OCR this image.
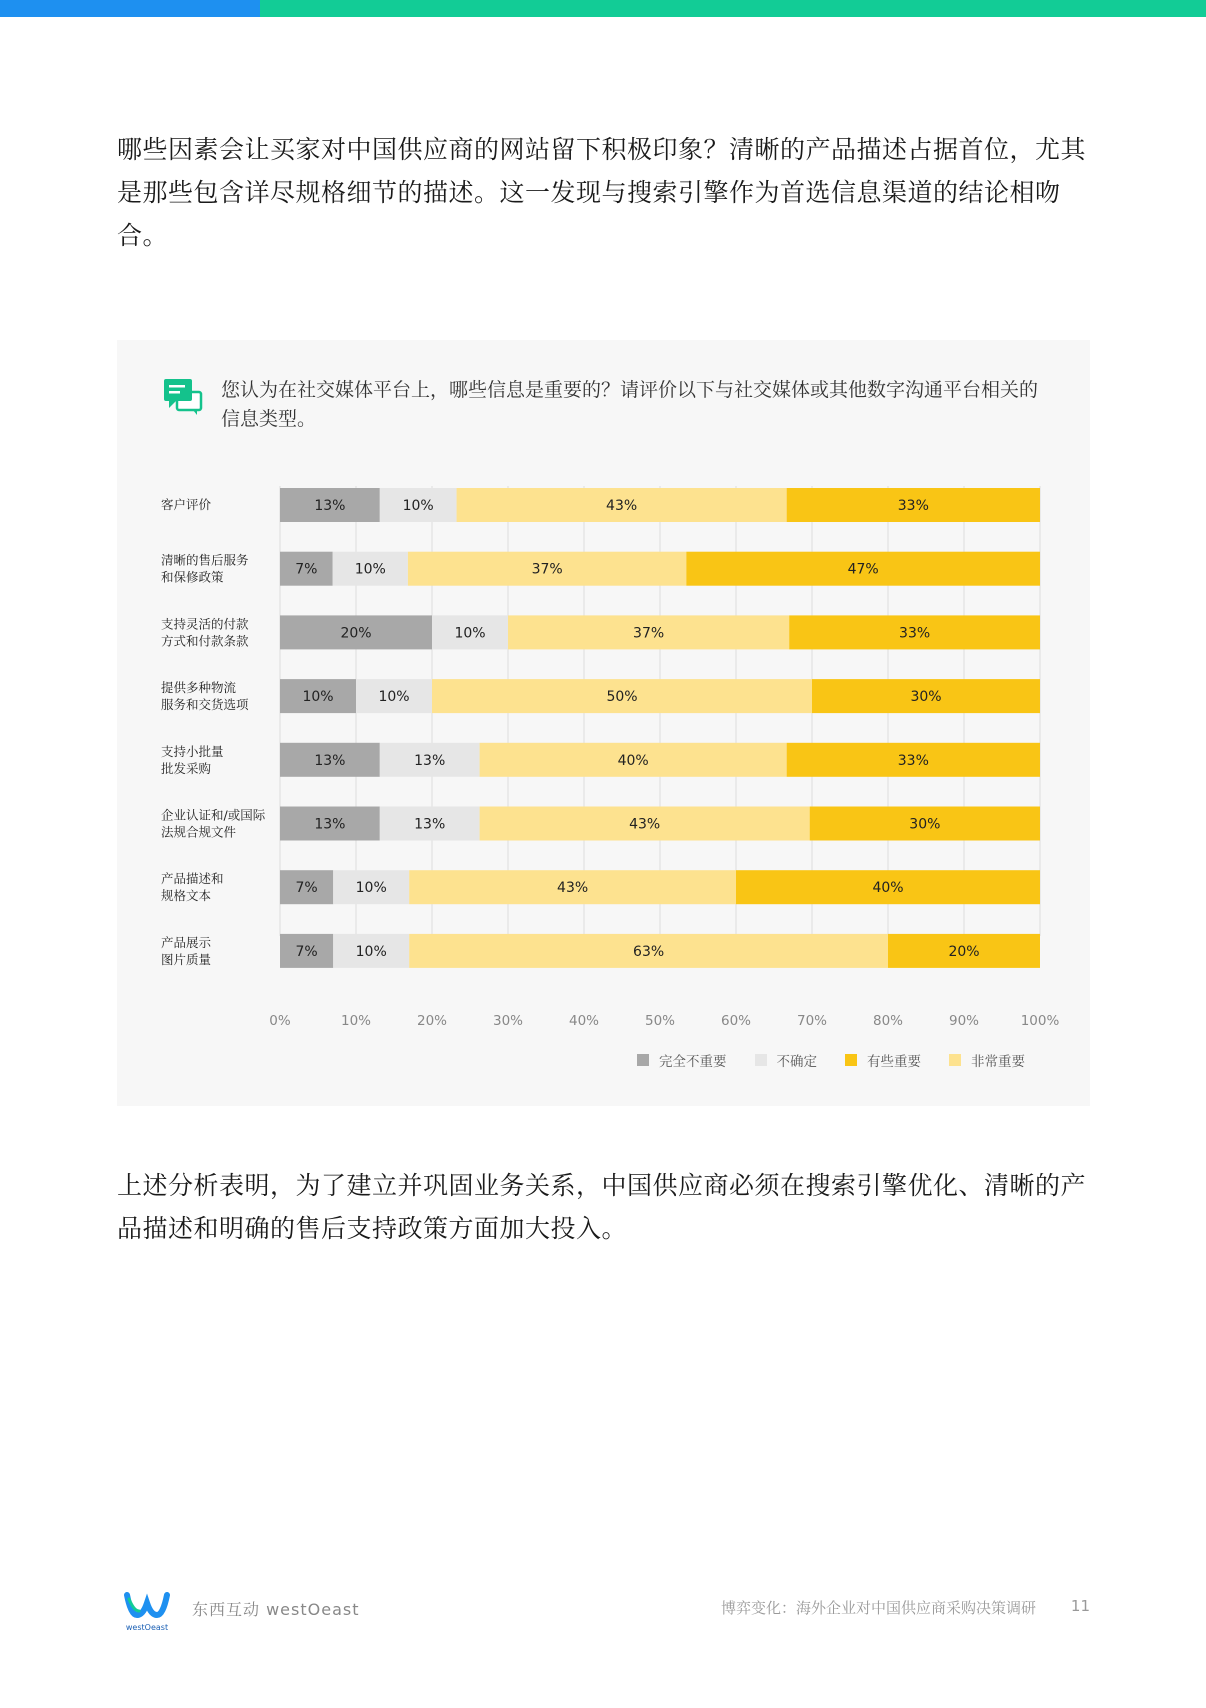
哪些因素会让买家对中国供应商的网站留下积极印象？清晰的产品描述占据首位，尤其是那些包含详尽规格细节的描述。这一发现与搜索引擎作为首选信息渠道的结论相吻合。
您认为在社交媒体平台上，哪些信息是重要的？请评价以下与社交媒体或其他数字沟通平台相关的信息类型。
0%	10%	20%	30%	40%	50%	60%	70%	80%	90%	100%
客户评价	13%	10%	43%	33%
清晰的售后服务和保修政策	7%	10%	37%	47%
支持灵活的付款方式和付款条款	20%	10%	37%	33%
提供多种物流服务和交货选项	10%	10%	50%	30%
支持小批量批发采购	13%	13%	40%	33%
企业认证和/或国际法规合规文件	13%	13%	43%	30%
产品描述和规格文本	7%	10%	43%	40%
产品展示图片质量	7%	10%	63%	20%
完全不重要	不确定	有些重要	非常重要
上述分析表明，为了建立并巩固业务关系，中国供应商必须在搜索引擎优化、清晰的产品描述和明确的售后支持政策方面加大投入。
westOeast
东西互动 westOeast	博弈变化：海外企业对中国供应商采购决策调研 11
